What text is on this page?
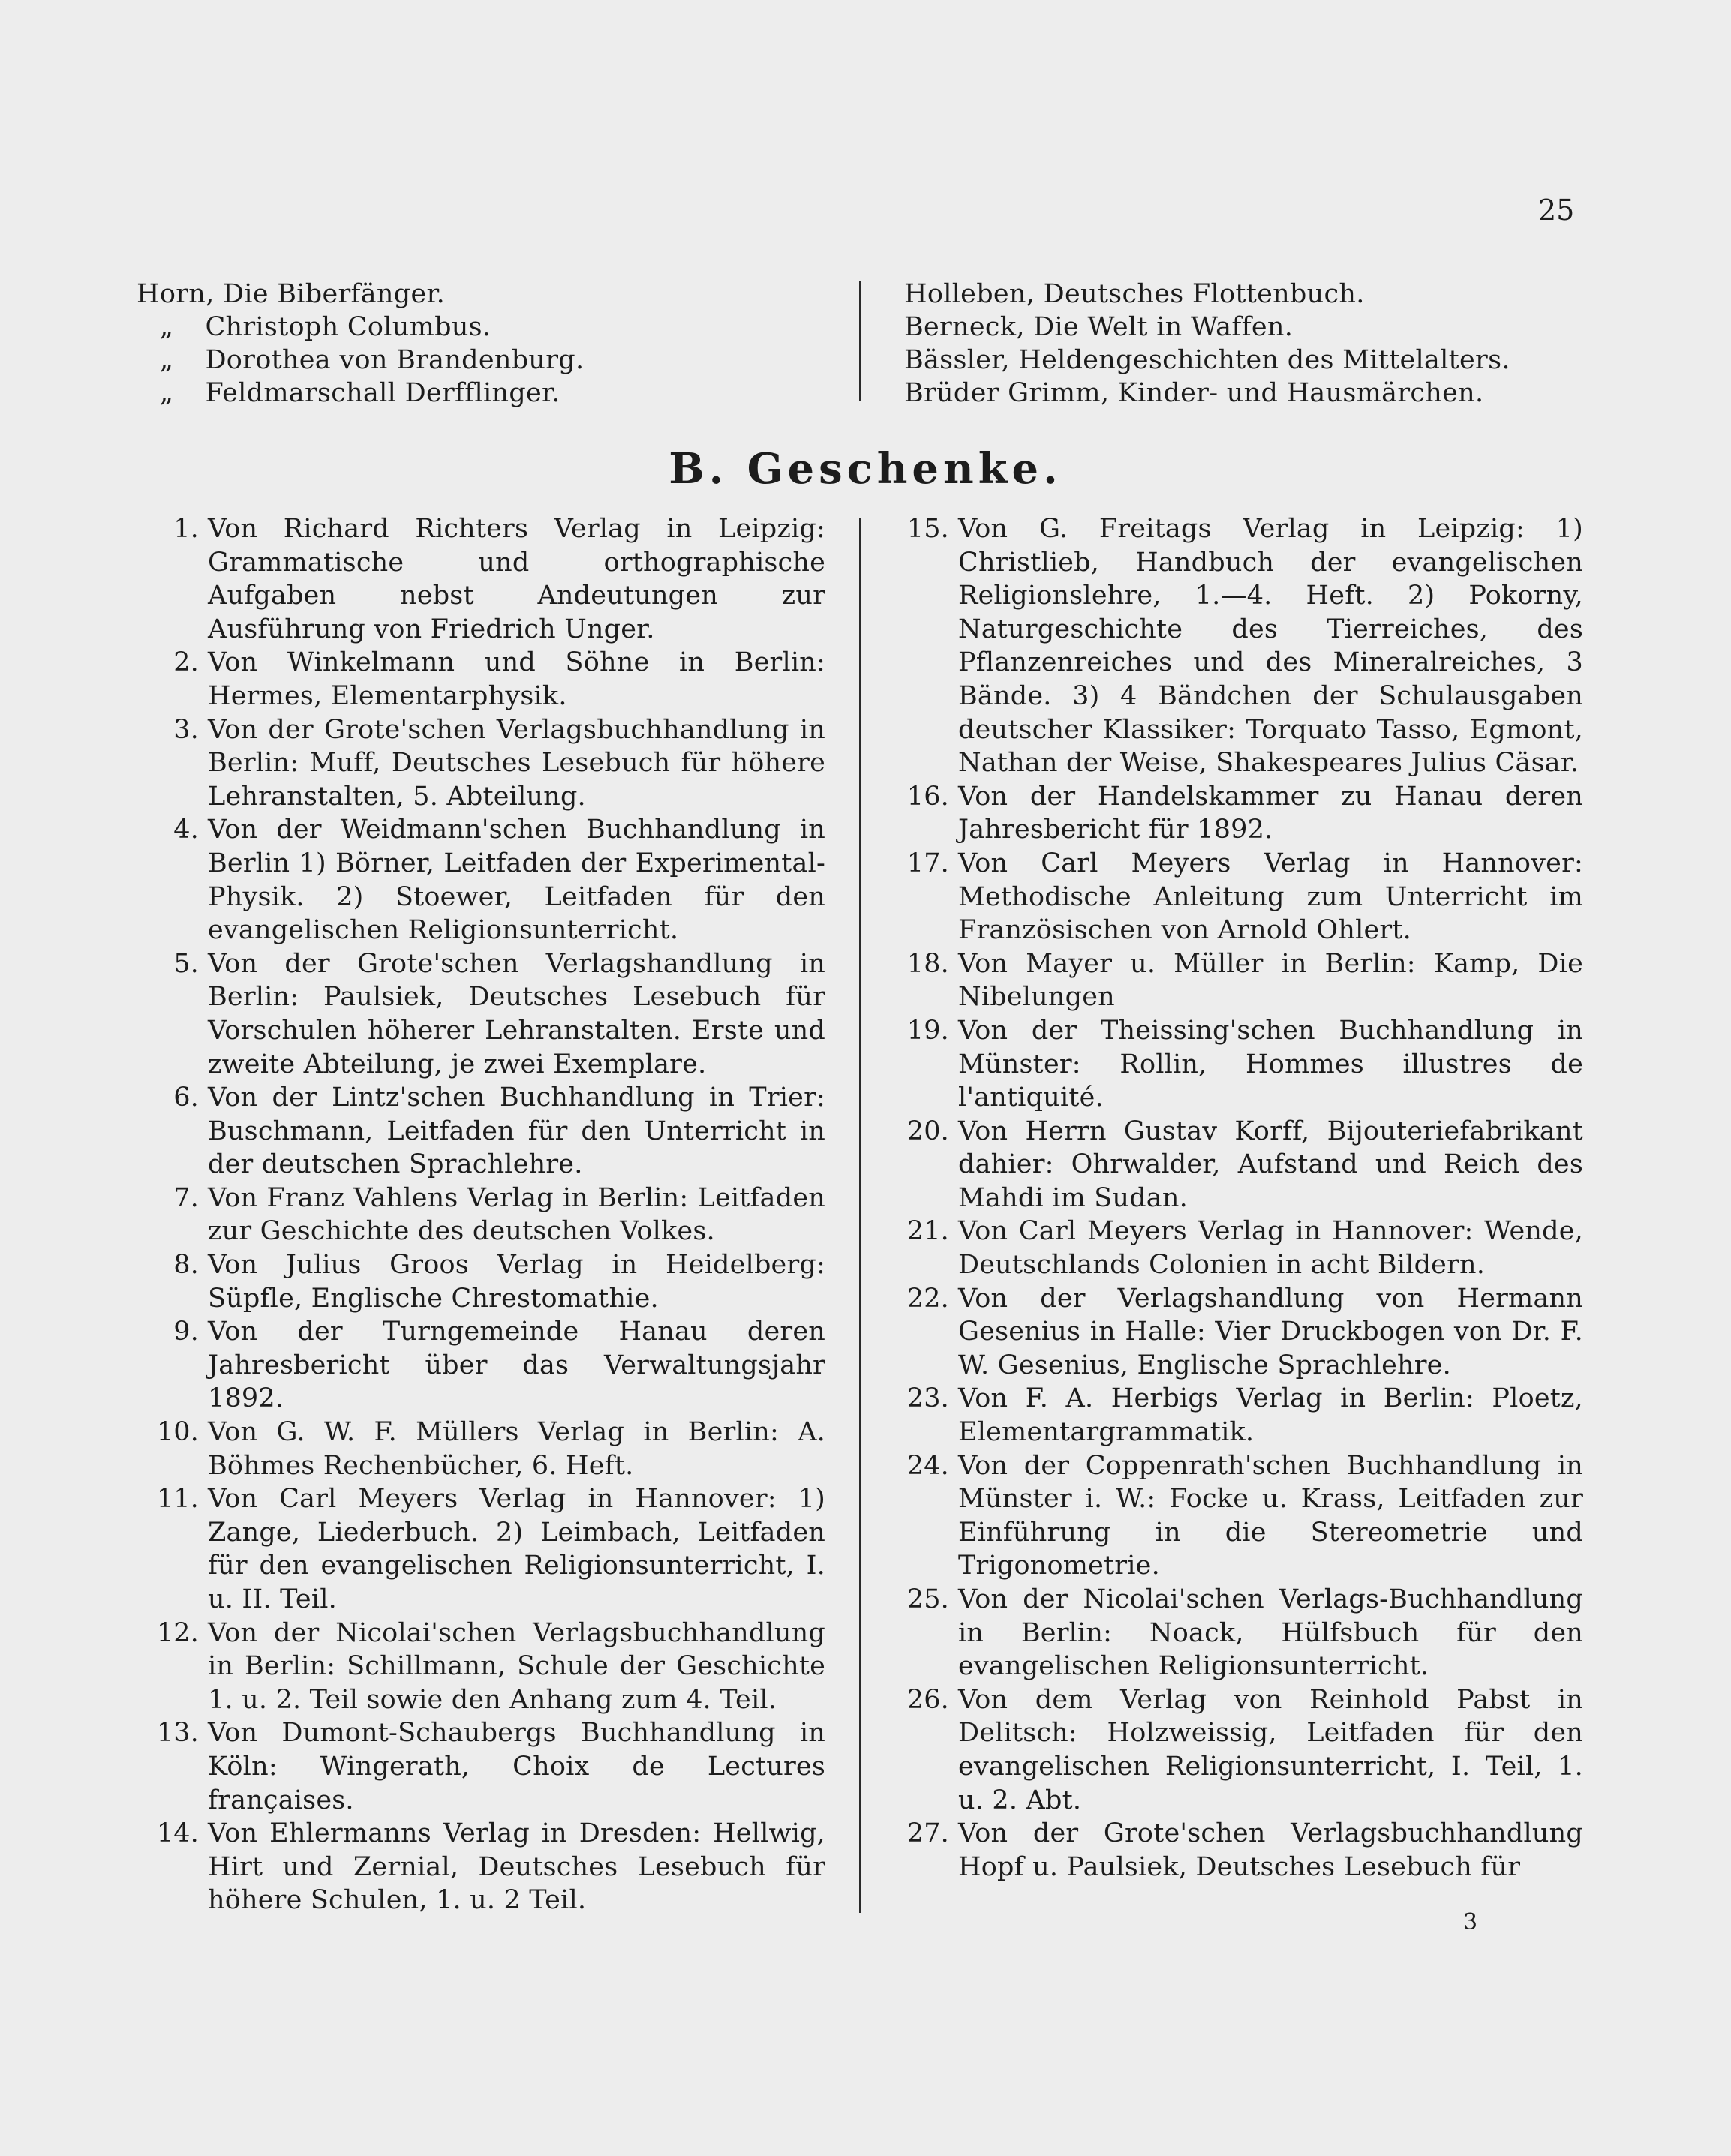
25
Horn, Die Biberfänger.
„ Christoph Columbus.
„ Dorothea von Brandenburg.
„ Feldmarschall Derfflinger.
Holleben, Deutsches Flottenbuch.
Berneck, Die Welt in Waffen.
Bässler, Heldengeschichten des Mittelalters.
Brüder Grimm, Kinder- und Hausmärchen.
B. Geschenke.
1. Von Richard Richters Verlag in Leipzig: Grammatische und orthographische Aufgaben nebst Andeutungen zur Ausführung von Friedrich Unger.
2. Von Winkelmann und Söhne in Berlin: Hermes, Elementarphysik.
3. Von der Grote'schen Verlagsbuchhandlung in Berlin: Muff, Deutsches Lesebuch für höhere Lehranstalten, 5. Abteilung.
4. Von der Weidmann'schen Buchhandlung in Berlin 1) Börner, Leitfaden der Experimental-Physik. 2) Stoewer, Leitfaden für den evangelischen Religionsunterricht.
5. Von der Grote'schen Verlagshandlung in Berlin: Paulsiek, Deutsches Lesebuch für Vorschulen höherer Lehranstalten. Erste und zweite Abteilung, je zwei Exemplare.
6. Von der Lintz'schen Buchhandlung in Trier: Buschmann, Leitfaden für den Unterricht in der deutschen Sprachlehre.
7. Von Franz Vahlens Verlag in Berlin: Leitfaden zur Geschichte des deutschen Volkes.
8. Von Julius Groos Verlag in Heidelberg: Süpfle, Englische Chrestomathie.
9. Von der Turngemeinde Hanau deren Jahresbericht über das Verwaltungsjahr 1892.
10. Von G. W. F. Müllers Verlag in Berlin: A. Böhmes Rechenbücher, 6. Heft.
11. Von Carl Meyers Verlag in Hannover: 1) Zange, Liederbuch. 2) Leimbach, Leitfaden für den evangelischen Religionsunterricht, I. u. II. Teil.
12. Von der Nicolai'schen Verlagsbuchhandlung in Berlin: Schillmann, Schule der Geschichte 1. u. 2. Teil sowie den Anhang zum 4. Teil.
13. Von Dumont-Schaubergs Buchhandlung in Köln: Wingerath, Choix de Lectures françaises.
14. Von Ehlermanns Verlag in Dresden: Hellwig, Hirt und Zernial, Deutsches Lesebuch für höhere Schulen, 1. u. 2 Teil.
15. Von G. Freitags Verlag in Leipzig: 1) Christlieb, Handbuch der evangelischen Religionslehre, 1.—4. Heft. 2) Pokorny, Naturgeschichte des Tierreiches, des Pflanzenreiches und des Mineralreiches, 3 Bände. 3) 4 Bändchen der Schulausgaben deutscher Klassiker: Torquato Tasso, Egmont, Nathan der Weise, Shakespeares Julius Cäsar.
16. Von der Handelskammer zu Hanau deren Jahresbericht für 1892.
17. Von Carl Meyers Verlag in Hannover: Methodische Anleitung zum Unterricht im Französischen von Arnold Ohlert.
18. Von Mayer u. Müller in Berlin: Kamp, Die Nibelungen
19. Von der Theissing'schen Buchhandlung in Münster: Rollin, Hommes illustres de l'antiquité.
20. Von Herrn Gustav Korff, Bijouteriefabrikant dahier: Ohrwalder, Aufstand und Reich des Mahdi im Sudan.
21. Von Carl Meyers Verlag in Hannover: Wende, Deutschlands Colonien in acht Bildern.
22. Von der Verlagshandlung von Hermann Gesenius in Halle: Vier Druckbogen von Dr. F. W. Gesenius, Englische Sprachlehre.
23. Von F. A. Herbigs Verlag in Berlin: Ploetz, Elementargrammatik.
24. Von der Coppenrath'schen Buchhandlung in Münster i. W.: Focke u. Krass, Leitfaden zur Einführung in die Stereometrie und Trigonometrie.
25. Von der Nicolai'schen Verlags-Buchhandlung in Berlin: Noack, Hülfsbuch für den evangelischen Religionsunterricht.
26. Von dem Verlag von Reinhold Pabst in Delitsch: Holzweissig, Leitfaden für den evangelischen Religionsunterricht, I. Teil, 1. u. 2. Abt.
27. Von der Grote'schen Verlagsbuchhandlung Hopf u. Paulsiek, Deutsches Lesebuch für
3
